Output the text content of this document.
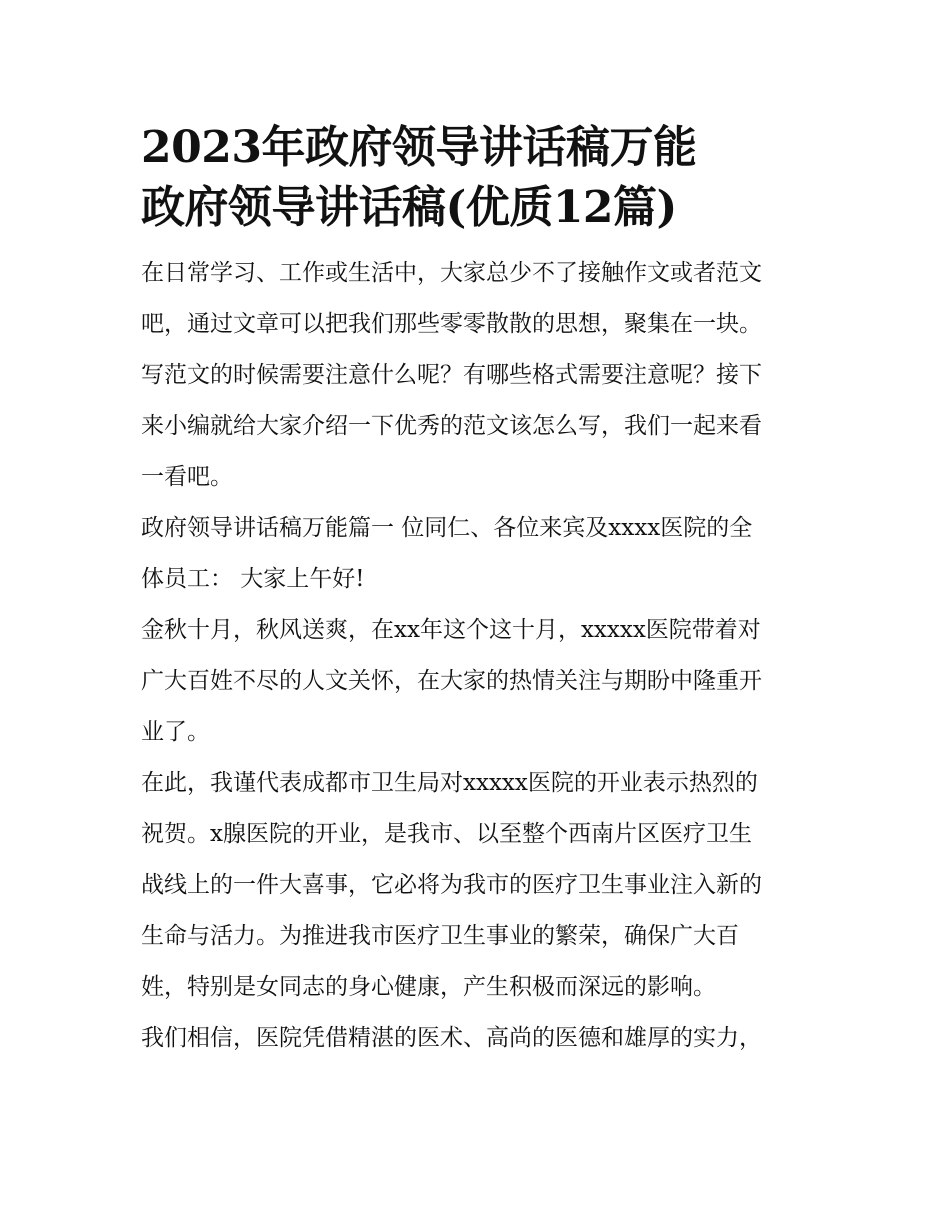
2023年政府领导讲话稿万能
政府领导讲话稿(优质12篇)

在日常学习、工作或生活中，大家总少不了接触作文或者范文
吧，通过文章可以把我们那些零零散散的思想，聚集在一块。
写范文的时候需要注意什么呢？有哪些格式需要注意呢？接下
来小编就给大家介绍一下优秀的范文该怎么写，我们一起来看
一看吧。

政府领导讲话稿万能篇一 位同仁、各位来宾及xxxx医院的全
体员工： 大家上午好!

金秋十月，秋风送爽，在xx年这个这十月，xxxxx医院带着对
广大百姓不尽的人文关怀，在大家的热情关注与期盼中隆重开
业了。

在此，我谨代表成都市卫生局对xxxxx医院的开业表示热烈的
祝贺。x腺医院的开业，是我市、以至整个西南片区医疗卫生
战线上的一件大喜事，它必将为我市的医疗卫生事业注入新的
生命与活力。为推进我市医疗卫生事业的繁荣，确保广大百
姓，特别是女同志的身心健康，产生积极而深远的影响。

我们相信，医院凭借精湛的医术、高尚的医德和雄厚的实力，
